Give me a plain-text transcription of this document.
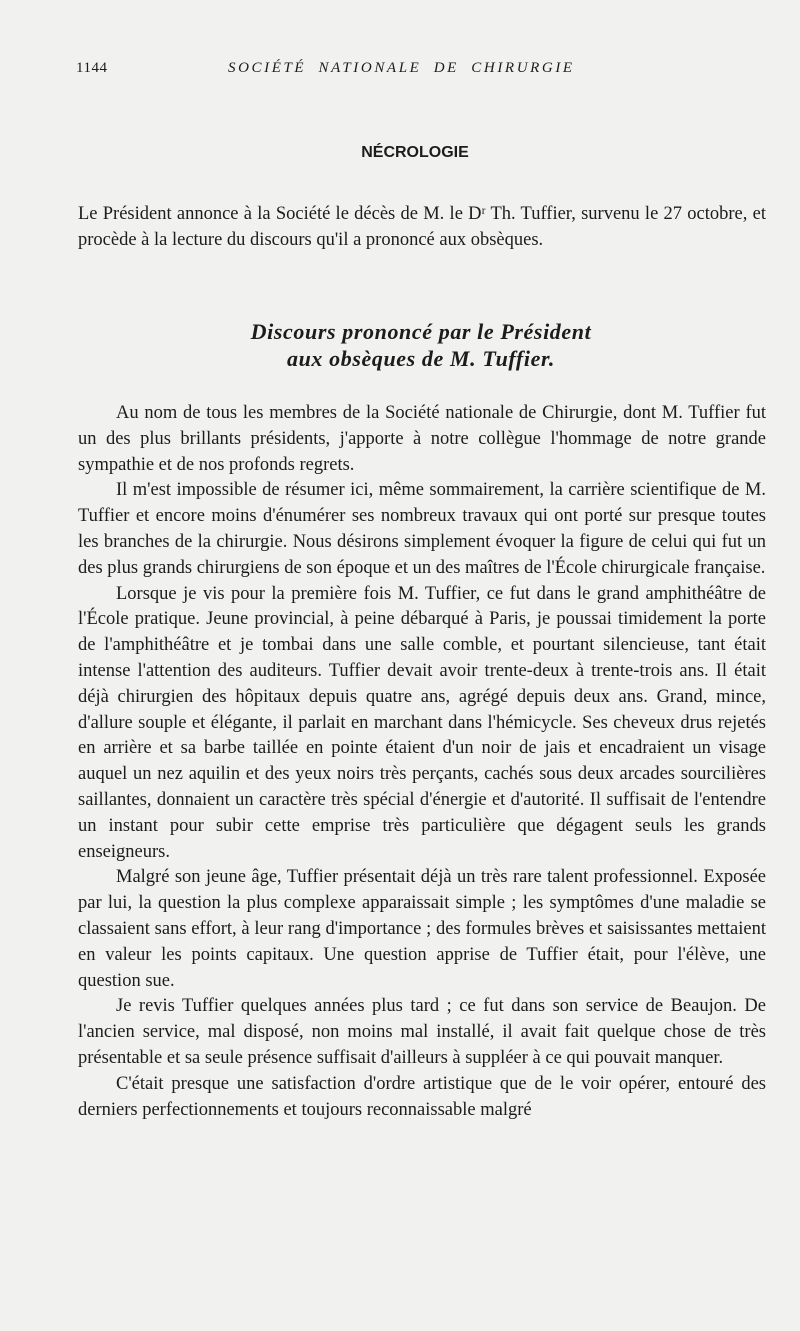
1144	SOCIÉTÉ NATIONALE DE CHIRURGIE
NÉCROLOGIE

Le Président annonce à la Société le décès de M. le Dʳ Th. Tuffier, survenu le 27 octobre, et procède à la lecture du discours qu'il a prononcé aux obsèques.

Discours prononcé par le Président
aux obsèques de M. Tuffier.

Au nom de tous les membres de la Société nationale de Chirurgie, dont M. Tuffier fut un des plus brillants présidents, j'apporte à notre collègue l'hommage de notre grande sympathie et de nos profonds regrets.

Il m'est impossible de résumer ici, même sommairement, la carrière scientifique de M. Tuffier et encore moins d'énumérer ses nombreux travaux qui ont porté sur presque toutes les branches de la chirurgie. Nous désirons simplement évoquer la figure de celui qui fut un des plus grands chirurgiens de son époque et un des maîtres de l'École chirurgicale française.

Lorsque je vis pour la première fois M. Tuffier, ce fut dans le grand amphithéâtre de l'École pratique. Jeune provincial, à peine débarqué à Paris, je poussai timidement la porte de l'amphithéâtre et je tombai dans une salle comble, et pourtant silencieuse, tant était intense l'attention des auditeurs. Tuffier devait avoir trente-deux à trente-trois ans. Il était déjà chirurgien des hôpitaux depuis quatre ans, agrégé depuis deux ans. Grand, mince, d'allure souple et élégante, il parlait en marchant dans l'hémicycle. Ses cheveux drus rejetés en arrière et sa barbe taillée en pointe étaient d'un noir de jais et encadraient un visage auquel un nez aquilin et des yeux noirs très perçants, cachés sous deux arcades sourcilières saillantes, donnaient un caractère très spécial d'énergie et d'autorité. Il suffisait de l'entendre un instant pour subir cette emprise très particulière que dégagent seuls les grands enseigneurs.

Malgré son jeune âge, Tuffier présentait déjà un très rare talent professionnel. Exposée par lui, la question la plus complexe apparaissait simple ; les symptômes d'une maladie se classaient sans effort, à leur rang d'importance ; des formules brèves et saisissantes mettaient en valeur les points capitaux. Une question apprise de Tuffier était, pour l'élève, une question sue.

Je revis Tuffier quelques années plus tard ; ce fut dans son service de Beaujon. De l'ancien service, mal disposé, non moins mal installé, il avait fait quelque chose de très présentable et sa seule présence suffisait d'ailleurs à suppléer à ce qui pouvait manquer.

C'était presque une satisfaction d'ordre artistique que de le voir opérer, entouré des derniers perfectionnements et toujours reconnaissable malgré
